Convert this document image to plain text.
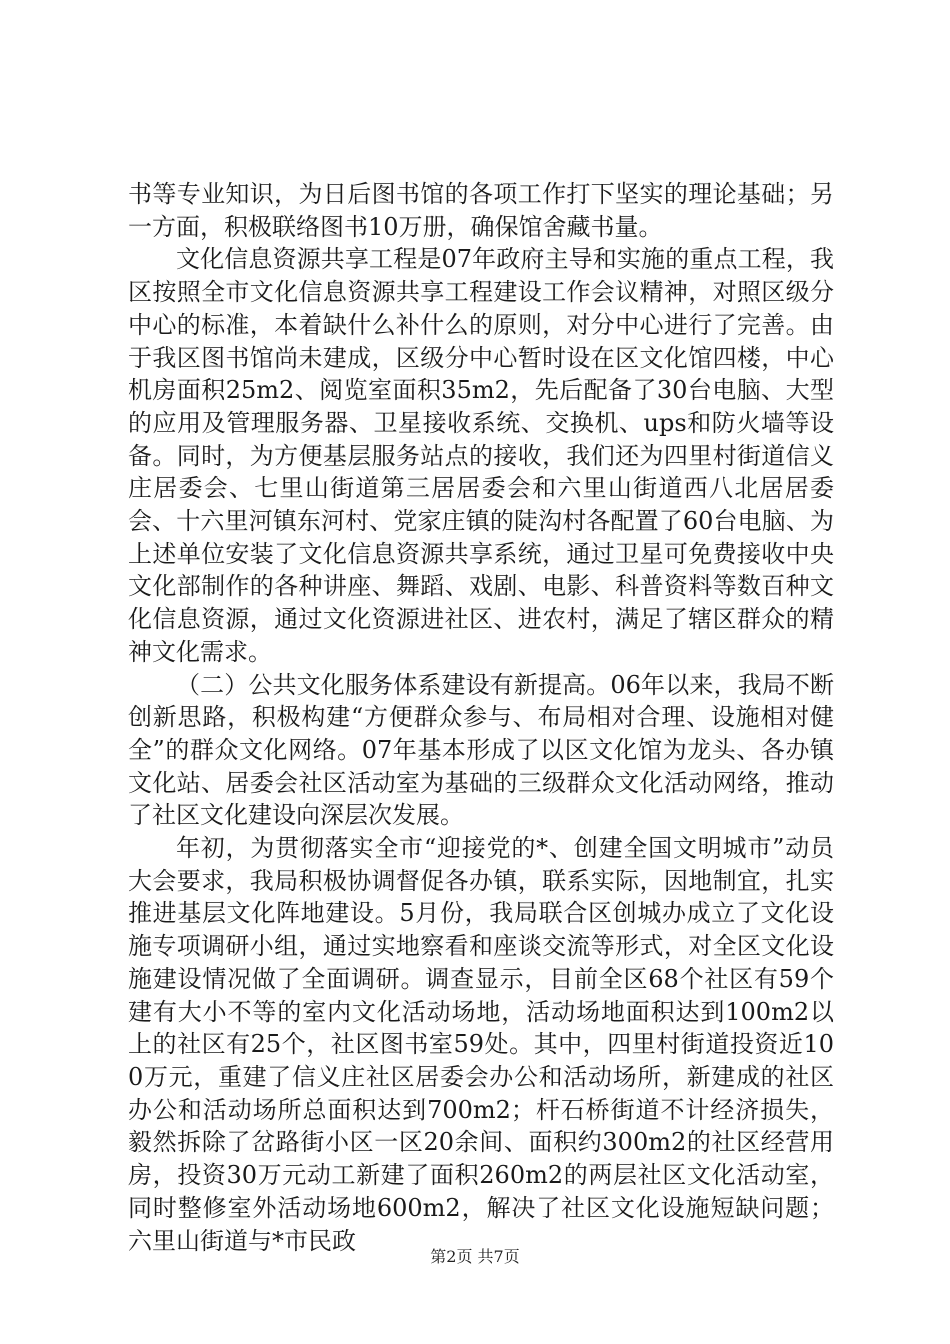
书等专业知识，为日后图书馆的各项工作打下坚实的理论基础；另一方面，积极联络图书10万册，确保馆舍藏书量。

文化信息资源共享工程是07年政府主导和实施的重点工程，我区按照全市文化信息资源共享工程建设工作会议精神，对照区级分中心的标准，本着缺什么补什么的原则，对分中心进行了完善。由于我区图书馆尚未建成，区级分中心暂时设在区文化馆四楼，中心机房面积25m2、阅览室面积35m2，先后配备了30台电脑、大型的应用及管理服务器、卫星接收系统、交换机、ups和防火墙等设备。同时，为方便基层服务站点的接收，我们还为四里村街道信义庄居委会、七里山街道第三居居委会和六里山街道西八北居居委会、十六里河镇东河村、党家庄镇的陡沟村各配置了60台电脑、为上述单位安装了文化信息资源共享系统，通过卫星可免费接收中央文化部制作的各种讲座、舞蹈、戏剧、电影、科普资料等数百种文化信息资源，通过文化资源进社区、进农村，满足了辖区群众的精神文化需求。

（二）公共文化服务体系建设有新提高。06年以来，我局不断创新思路，积极构建“方便群众参与、布局相对合理、设施相对健全”的群众文化网络。07年基本形成了以区文化馆为龙头、各办镇文化站、居委会社区活动室为基础的三级群众文化活动网络，推动了社区文化建设向深层次发展。

年初，为贯彻落实全市“迎接党的*、创建全国文明城市”动员大会要求，我局积极协调督促各办镇，联系实际，因地制宜，扎实推进基层文化阵地建设。5月份，我局联合区创城办成立了文化设施专项调研小组，通过实地察看和座谈交流等形式，对全区文化设施建设情况做了全面调研。调查显示，目前全区68个社区有59个建有大小不等的室内文化活动场地，活动场地面积达到100m2以上的社区有25个，社区图书室59处。其中，四里村街道投资近100万元，重建了信义庄社区居委会办公和活动场所，新建成的社区办公和活动场所总面积达到700m2；杆石桥街道不计经济损失，毅然拆除了岔路街小区一区20余间、面积约300m2的社区经营用房，投资30万元动工新建了面积260m2的两层社区文化活动室，同时整修室外活动场地600m2，解决了社区文化设施短缺问题；六里山街道与*市民政

第2页 共7页
